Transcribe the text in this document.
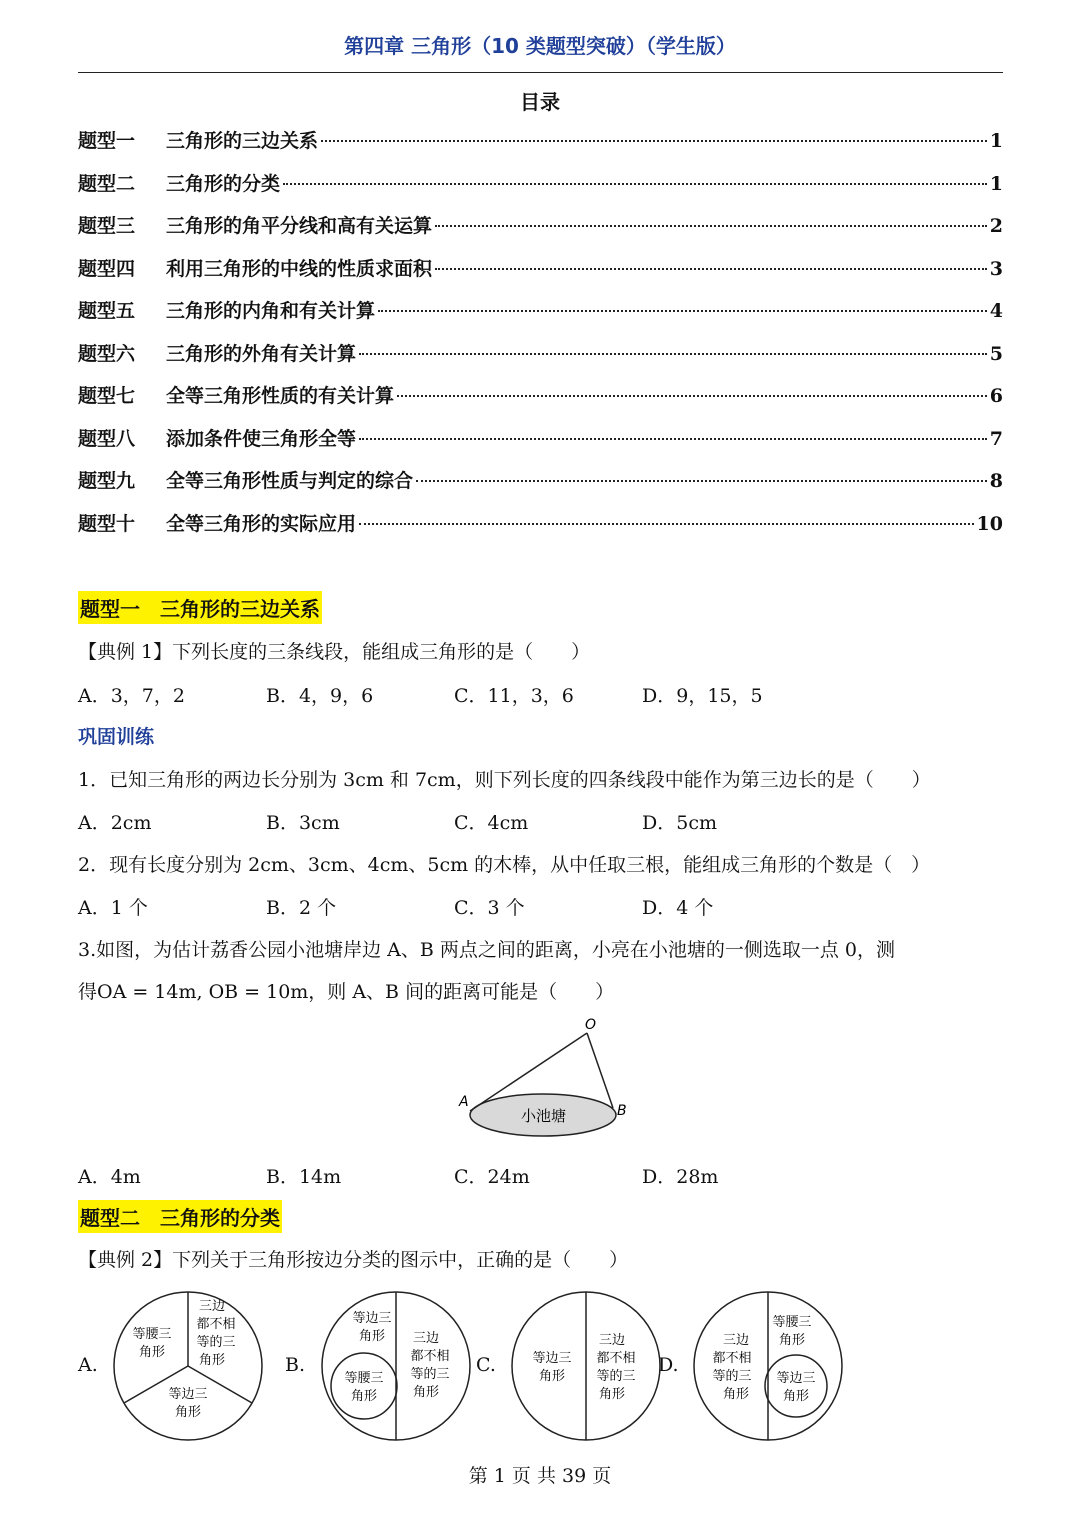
第四章 三角形（10 类题型突破）（学生版）
目录
题型一	三角形的三边关系	1
题型二	三角形的分类	1
题型三	三角形的角平分线和高有关运算	2
题型四	利用三角形的中线的性质求面积	3
题型五	三角形的内角和有关计算	4
题型六	三角形的外角有关计算	5
题型七	全等三角形性质的有关计算	6
题型八	添加条件使三角形全等	7
题型九	全等三角形性质与判定的综合	8
题型十	全等三角形的实际应用	10
题型一　三角形的三边关系
【典例 1】下列长度的三条线段，能组成三角形的是（　　）
A．3，7，2	B．4，9，6	C．11，3，6	D．9，15，5
巩固训练
1．已知三角形的两边长分别为 3cm 和 7cm，则下列长度的四条线段中能作为第三边长的是（　　）
A．2cm	B．3cm	C．4cm	D．5cm
2．现有长度分别为 2cm、3cm、4cm、5cm 的木棒，从中任取三根，能组成三角形的个数是（　）
A．1 个	B．2 个	C．3 个	D．4 个
3.如图，为估计荔香公园小池塘岸边 A、B 两点之间的距离，小亮在小池塘的一侧选取一点 0，测
得OA = 14m, OB = 10m，则 A、B 间的距离可能是（　　）
O
A
B
小池塘
A．4m	B．14m	C．24m	D．28m
题型二　三角形的分类
【典例 2】下列关于三角形按边分类的图示中，正确的是（　　）
A.	B.	C.	D.
等腰三
角形
三边
都不相
等的三
角形
等边三
角形
等边三
角形
等腰三
角形
三边
都不相
等的三
角形
等边三
角形
三边
都不相
等的三
角形
三边
都不相
等的三
角形
等腰三
角形
等边三
角形
第 1 页 共 39 页
